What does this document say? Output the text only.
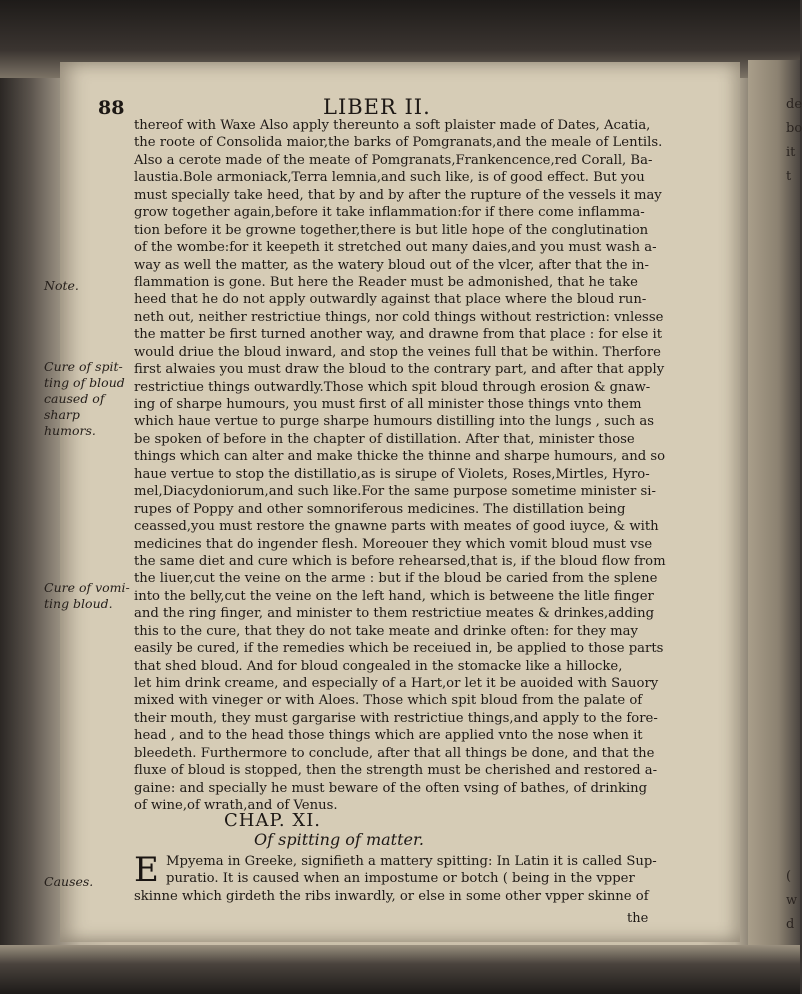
de
bo
it
t
(
w
d
88	LIBER II.
Note.
Cure of spit-
ting of bloud
caused of
sharp humors.
Cure of vomi-
ting bloud.
Causes.
thereof with Waxe Also apply thereunto a soft plaister made of Dates, Acatia,
the roote of Consolida maior,the barks of Pomgranats,and the meale of Lentils.
Also a cerote made of the meate of Pomgranats,Frankencence,red Corall, Ba-
laustia.Bole armoniack,Terra lemnia,and such like, is of good effect. But you
must specially take heed, that by and by after the rupture of the vessels it may
grow together again,before it take inflammation:for if there come inflamma-
tion before it be growne together,there is but litle hope of the conglutination
of the wombe:for it keepeth it stretched out many daies,and you must wash a-
way as well the matter, as the watery bloud out of the vlcer, after that the in-
flammation is gone. But here the Reader must be admonished, that he take
heed that he do not apply outwardly against that place where the bloud run-
neth out, neither restrictiue things, nor cold things without restriction: vnlesse
the matter be first turned another way, and drawne from that place : for else it
would driue the bloud inward, and stop the veines full that be within. Therfore
first alwaies you must draw the bloud to the contrary part, and after that apply
restrictiue things outwardly.Those which spit bloud through erosion & gnaw-
ing of sharpe humours, you must first of all minister those things vnto them
which haue vertue to purge sharpe humours distilling into the lungs , such as
be spoken of before in the chapter of distillation. After that, minister those
things which can alter and make thicke the thinne and sharpe humours, and so
haue vertue to stop the distillatio,as is sirupe of Violets, Roses,Mirtles, Hyro-
mel,Diacydoniorum,and such like.For the same purpose sometime minister si-
rupes of Poppy and other somnoriferous medicines. The distillation being
ceassed,you must restore the gnawne parts with meates of good iuyce, & with
medicines that do ingender flesh. Moreouer they which vomit bloud must vse
the same diet and cure which is before rehearsed,that is, if the bloud flow from
the liuer,cut the veine on the arme : but if the bloud be caried from the splene
into the belly,cut the veine on the left hand, which is betweene the litle finger
and the ring finger, and minister to them restrictiue meates & drinkes,adding
this to the cure, that they do not take meate and drinke often: for they may
easily be cured, if the remedies which be receiued in, be applied to those parts
that shed bloud. And for bloud congealed in the stomacke like a hillocke,
let him drink creame, and especially of a Hart,or let it be auoided with Sauory
mixed with vineger or with Aloes. Those which spit bloud from the palate of
their mouth, they must gargarise with restrictiue things,and apply to the fore-
head , and to the head those things which are applied vnto the nose when it
bleedeth. Furthermore to conclude, after that all things be done, and that the
fluxe of bloud is stopped, then the strength must be cherished and restored a-
gaine: and specially he must beware of the often vsing of bathes, of drinking
of wine,of wrath,and of Venus.
CHAP. XI.
Of spitting of matter.
E Mpyema in Greeke, signifieth a mattery spitting: In Latin it is called Sup-
puratio. It is caused when an impostume or botch ( being in the vpper
skinne which girdeth the ribs inwardly, or else in some other vpper skinne of
the
